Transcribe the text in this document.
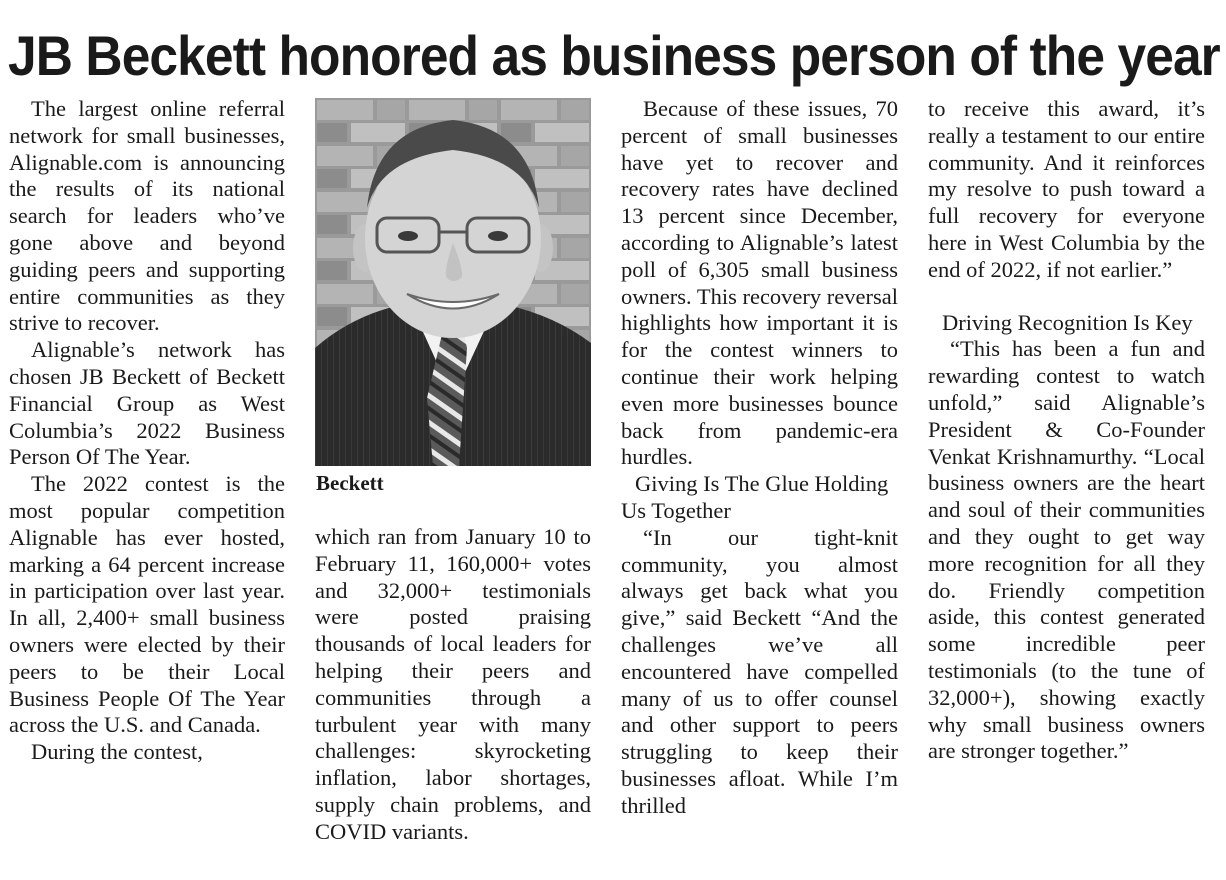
JB Beckett honored as business person of the year

The largest online referral network for small businesses, Alignable.com is announcing the results of its national search for leaders who’ve gone above and beyond guiding peers and supporting entire communities as they strive to recover.

Alignable’s network has chosen JB Beckett of Beckett Financial Group as West Columbia’s 2022 Business Person Of The Year.

The 2022 contest is the most popular competition Alignable has ever hosted, marking a 64 percent increase in participation over last year. In all, 2,400+ small business owners were elected by their peers to be their Local Business People Of The Year across the U.S. and Canada.

During the contest,

Beckett

which ran from January 10 to February 11, 160,000+ votes and 32,000+ testimonials were posted praising thousands of local leaders for helping their peers and communities through a turbulent year with many challenges: skyrocketing inflation, labor shortages, supply chain problems, and COVID variants.

Because of these issues, 70 percent of small businesses have yet to recover and recovery rates have declined 13 percent since December, according to Alignable’s latest poll of 6,305 small business owners. This recovery reversal highlights how important it is for the contest winners to continue their work helping even more businesses bounce back from pandemic-era hurdles.

Giving Is The Glue Holding Us Together

“In our tight-knit community, you almost always get back what you give,” said Beckett “And the challenges we’ve all encountered have compelled many of us to offer counsel and other support to peers struggling to keep their businesses afloat. While I’m thrilled

to receive this award, it’s really a testament to our entire community. And it reinforces my resolve to push toward a full recovery for everyone here in West Columbia by the end of 2022, if not earlier.”

Driving Recognition Is Key

“This has been a fun and rewarding contest to watch unfold,” said Alignable’s President & Co-Founder Venkat Krishnamurthy. “Local business owners are the heart and soul of their communities and they ought to get way more recognition for all they do. Friendly competition aside, this contest generated some incredible peer testimonials (to the tune of 32,000+), showing exactly why small business owners are stronger together.”
